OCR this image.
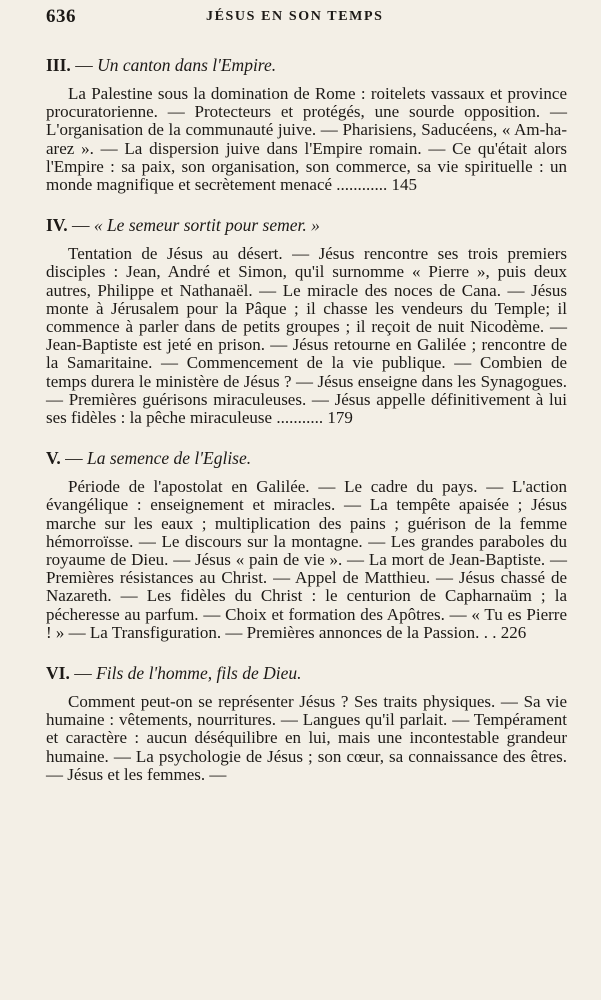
636	JÉSUS EN SON TEMPS
III. — Un canton dans l'Empire.

La Palestine sous la domination de Rome : roitelets vassaux et province procuratorienne. — Protecteurs et protégés, une sourde opposition. — L'organisation de la communauté juive. — Pharisiens, Saducéens, « Am-ha-arez ». — La dispersion juive dans l'Empire romain. — Ce qu'était alors l'Empire : sa paix, son organisation, son commerce, sa vie spirituelle : un monde magnifique et secrètement menacé ............ 145

IV. — « Le semeur sortit pour semer. »

Tentation de Jésus au désert. — Jésus rencontre ses trois premiers disciples : Jean, André et Simon, qu'il surnomme « Pierre », puis deux autres, Philippe et Nathanaël. — Le miracle des noces de Cana. — Jésus monte à Jérusalem pour la Pâque ; il chasse les vendeurs du Temple; il commence à parler dans de petits groupes ; il reçoit de nuit Nicodème. — Jean-Baptiste est jeté en prison. — Jésus retourne en Galilée ; rencontre de la Samaritaine. — Commencement de la vie publique. — Combien de temps durera le ministère de Jésus ? — Jésus enseigne dans les Synagogues. — Premières guérisons miraculeuses. — Jésus appelle définitivement à lui ses fidèles : la pêche miraculeuse ........... 179

V. — La semence de l'Eglise.

Période de l'apostolat en Galilée. — Le cadre du pays. — L'action évangélique : enseignement et miracles. — La tempête apaisée ; Jésus marche sur les eaux ; multiplication des pains ; guérison de la femme hémorroïsse. — Le discours sur la montagne. — Les grandes paraboles du royaume de Dieu. — Jésus « pain de vie ». — La mort de Jean-Baptiste. — Premières résistances au Christ. — Appel de Matthieu. — Jésus chassé de Nazareth. — Les fidèles du Christ : le centurion de Capharnaüm ; la pécheresse au parfum. — Choix et formation des Apôtres. — « Tu es Pierre ! » — La Transfiguration. — Premières annonces de la Passion. . . 226

VI. — Fils de l'homme, fils de Dieu.

Comment peut-on se représenter Jésus ? Ses traits physiques. — Sa vie humaine : vêtements, nourritures. — Langues qu'il parlait. — Tempérament et caractère : aucun déséquilibre en lui, mais une incontestable grandeur humaine. — La psychologie de Jésus ; son cœur, sa connaissance des êtres. — Jésus et les femmes. —
